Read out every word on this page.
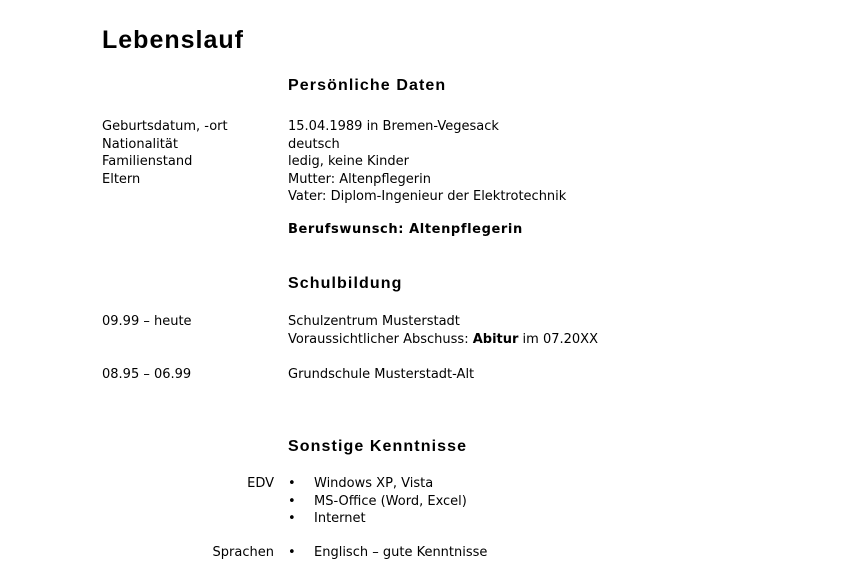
Lebenslauf
Persönliche Daten
Geburtsdatum, -ort
Nationalität
Familienstand
Eltern
15.04.1989 in Bremen-Vegesack
deutsch
ledig, keine Kinder
Mutter: Altenpflegerin
Vater: Diplom-Ingenieur der Elektrotechnik
Berufswunsch: Altenpflegerin
Schulbildung
09.99 – heute	Schulzentrum Musterstadt
Voraussichtlicher Abschuss: Abitur im 07.20XX
08.95 – 06.99	Grundschule Musterstadt-Alt
Sonstige Kenntnisse
EDV • Windows XP, Vista
• MS-Office (Word, Excel)
• Internet
Sprachen • Englisch – gute Kenntnisse
